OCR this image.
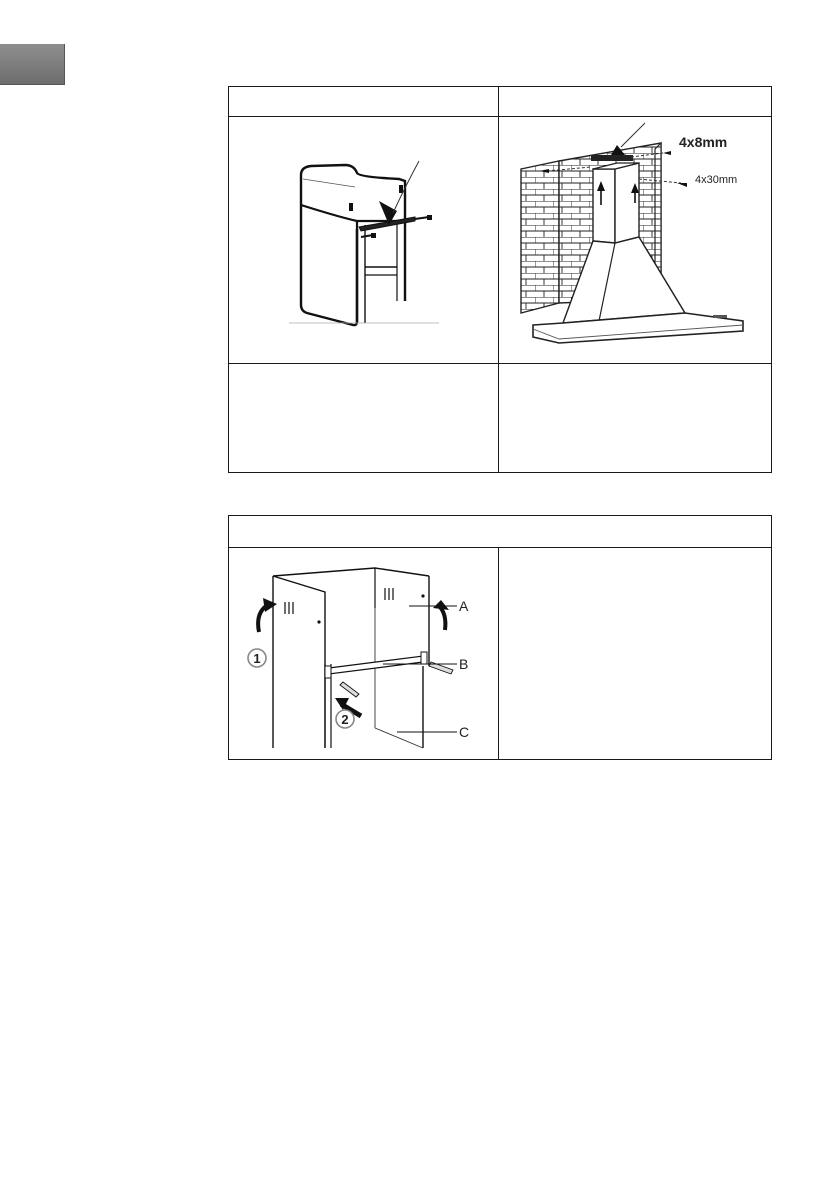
4x8mm
4x30mm

1
2
A
B
C
